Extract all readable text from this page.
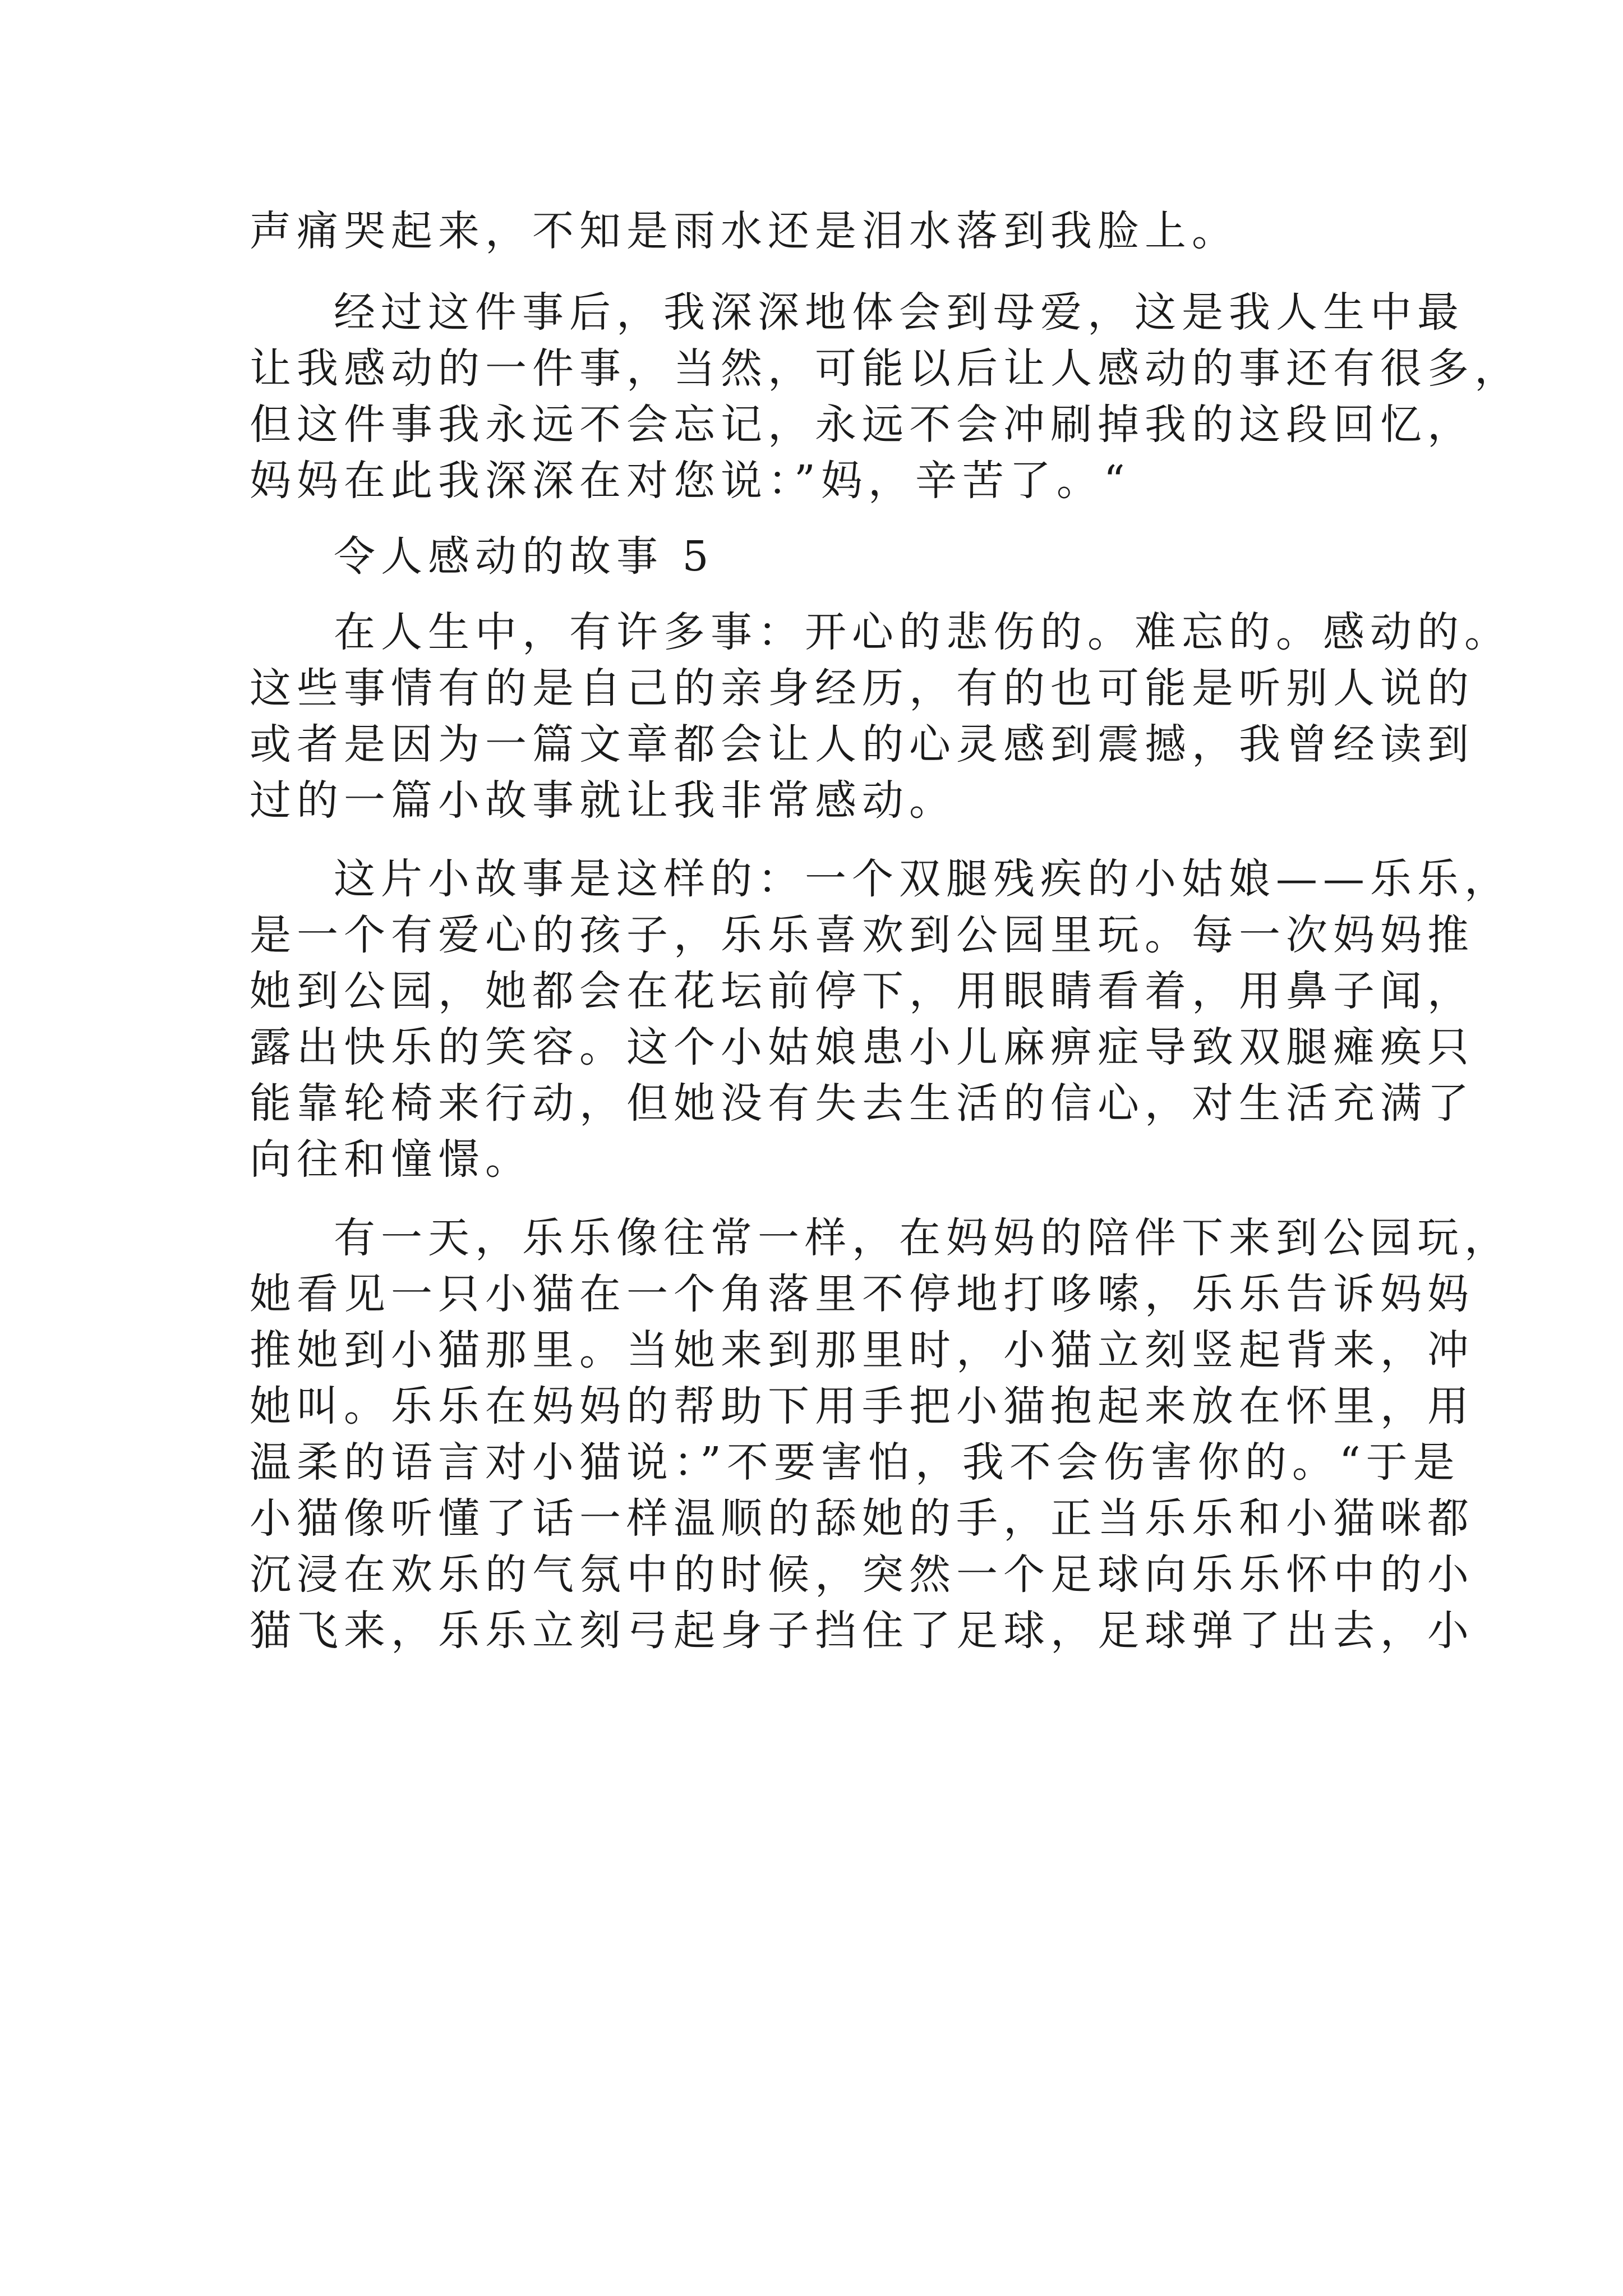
声痛哭起来，不知是雨水还是泪水落到我脸上。
经过这件事后，我深深地体会到母爱，这是我人生中最
让我感动的一件事，当然，可能以后让人感动的事还有很多，
但这件事我永远不会忘记，永远不会冲刷掉我的这段回忆，
妈妈在此我深深在对您说：”妈，辛苦了。“
令人感动的故事 5
在人生中，有许多事：开心的悲伤的。难忘的。感动的。
这些事情有的是自己的亲身经历，有的也可能是听别人说的
或者是因为一篇文章都会让人的心灵感到震撼，我曾经读到
过的一篇小故事就让我非常感动。
这片小故事是这样的：一个双腿残疾的小姑娘——乐乐，
是一个有爱心的孩子，乐乐喜欢到公园里玩。每一次妈妈推
她到公园，她都会在花坛前停下，用眼睛看着，用鼻子闻，
露出快乐的笑容。这个小姑娘患小儿麻痹症导致双腿瘫痪只
能靠轮椅来行动，但她没有失去生活的信心，对生活充满了
向往和憧憬。
有一天，乐乐像往常一样，在妈妈的陪伴下来到公园玩，
她看见一只小猫在一个角落里不停地打哆嗦，乐乐告诉妈妈
推她到小猫那里。当她来到那里时，小猫立刻竖起背来，冲
她叫。乐乐在妈妈的帮助下用手把小猫抱起来放在怀里，用
温柔的语言对小猫说：”不要害怕，我不会伤害你的。“于是
小猫像听懂了话一样温顺的舔她的手，正当乐乐和小猫咪都
沉浸在欢乐的气氛中的时候，突然一个足球向乐乐怀中的小
猫飞来，乐乐立刻弓起身子挡住了足球，足球弹了出去，小
